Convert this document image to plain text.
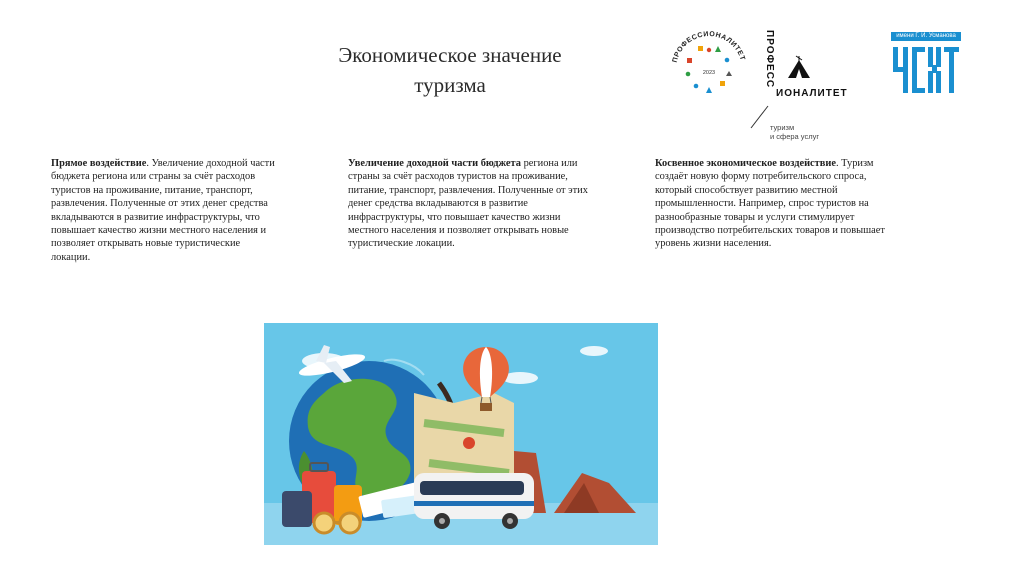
Экономическое значение
туризма
ПРОФЕССИОНАЛИТЕТ
2023	ПРОФЕСС
ИОНАЛИТЕТ
туризм
и сфера услуг
имени Г. И. Усманова
Прямое воздействие. Увеличение доходной части бюджета региона или страны за счёт расходов туристов на проживание, питание, транспорт, развлечения. Полученные от этих денег средства вкладываются в развитие инфраструктуры, что повышает качество жизни местного населения и позволяет открывать новые туристические локации.
Увеличение доходной части бюджета региона или страны за счёт расходов туристов на проживание, питание, транспорт, развлечения. Полученные от этих денег средства вкладываются в развитие инфраструктуры, что повышает качество жизни местного населения и позволяет открывать новые туристические локации.
Косвенное экономическое воздействие. Туризм создаёт новую форму потребительского спроса, который способствует развитию местной промышленности. Например, спрос туристов на разнообразные товары и услуги стимулирует производство потребительских товаров и повышает уровень жизни населения.
